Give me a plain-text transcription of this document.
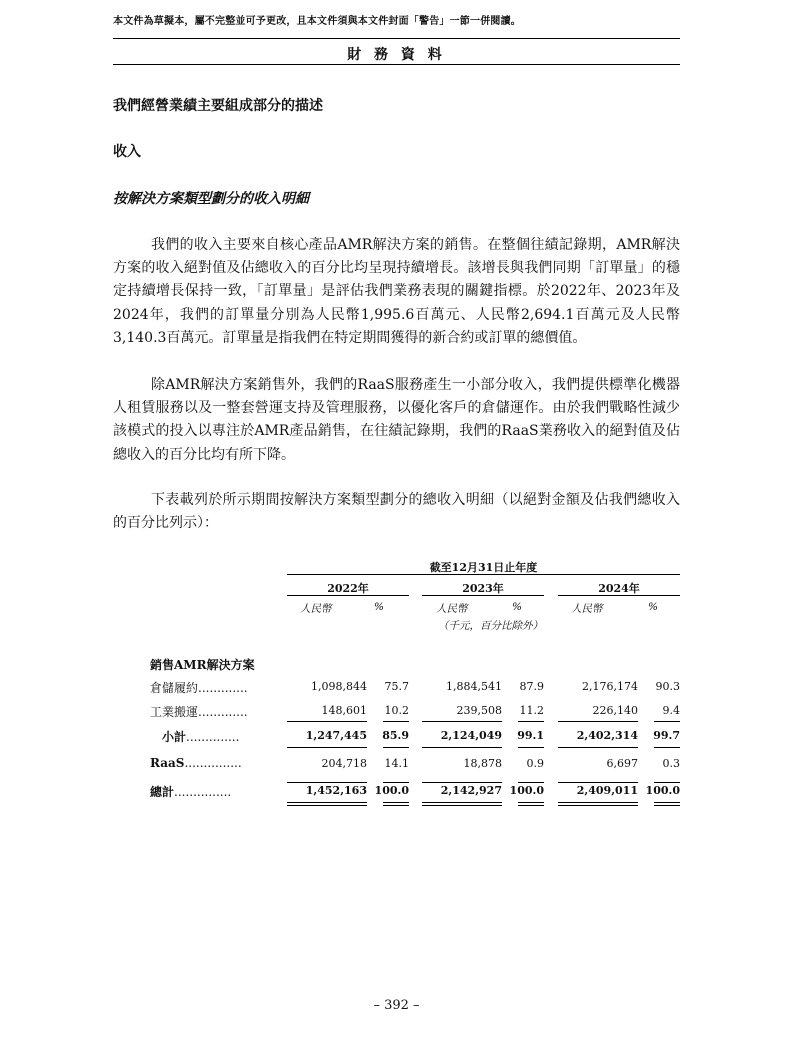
本文件為草擬本，屬不完整並可予更改，且本文件須與本文件封面「警告」一節一併閱讀。
財 務 資 料
我們經營業績主要組成部分的描述
收入
按解決方案類型劃分的收入明細

我們的收入主要來自核心產品AMR解決方案的銷售。在整個往績記錄期，AMR解決方案的收入絕對值及佔總收入的百分比均呈現持續增長。該增長與我們同期「訂單量」的穩定持續增長保持一致，「訂單量」是評估我們業務表現的關鍵指標。於2022年、2023年及2024年，我們的訂單量分別為人民幣1,995.6百萬元、人民幣2,694.1百萬元及人民幣3,140.3百萬元。訂單量是指我們在特定期間獲得的新合約或訂單的總價值。

除AMR解決方案銷售外，我們的RaaS服務產生一小部分收入，我們提供標準化機器人租賃服務以及一整套營運支持及管理服務，以優化客戶的倉儲運作。由於我們戰略性減少該模式的投入以專注於AMR產品銷售，在往績記錄期，我們的RaaS業務收入的絕對值及佔總收入的百分比均有所下降。

下表載列於所示期間按解決方案類型劃分的總收入明細（以絕對金額及佔我們總收入的百分比列示）：

截至12月31日止年度
2022年	2023年	2024年
人民幣	%	人民幣	%	人民幣	%
（千元，百分比除外）
銷售AMR解決方案
倉儲履約.............	1,098,844	75.7	1,884,541	87.9	2,176,174	90.3
工業搬運.............	148,601	10.2	239,508	11.2	226,140	9.4
小計..............	1,247,445	85.9	2,124,049	99.1	2,402,314	99.7
RaaS...............	204,718	14.1	18,878	0.9	6,697	0.3
總計...............	1,452,163 100.0	2,142,927 100.0	2,409,011 100.0
– 392 –
